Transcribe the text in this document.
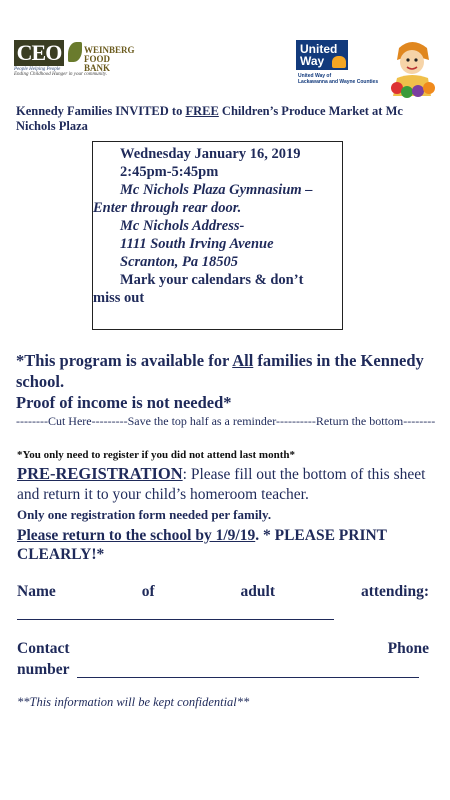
CEO
People Helping People
WEINBERG
FOOD BANK
Ending Childhood Hunger in your community.
United
Way
United Way of
Lackawanna and Wayne Counties
Kennedy Families INVITED to FREE Children’s Produce Market at Mc Nichols Plaza
Wednesday January 16, 2019
2:45pm-5:45pm
Mc Nichols Plaza Gymnasium –
Enter through rear door.
Mc Nichols Address-
1111 South Irving Avenue
Scranton, Pa 18505
Mark your calendars & don’t
miss out
*This program is available for All families in the Kennedy school.
Proof of income is not needed*
--------Cut Here---------Save the top half as a reminder----------Return the bottom--------
*You only need to register if you did not attend last month*
PRE-REGISTRATION: Please fill out the bottom of this sheet and return it to your child’s homeroom teacher.
Only one registration form needed per family.
Please return to the school by 1/9/19. * PLEASE PRINT CLEARLY!*
Name	of	adult	attending:
Contact	Phone
number
**This information will be kept confidential**
